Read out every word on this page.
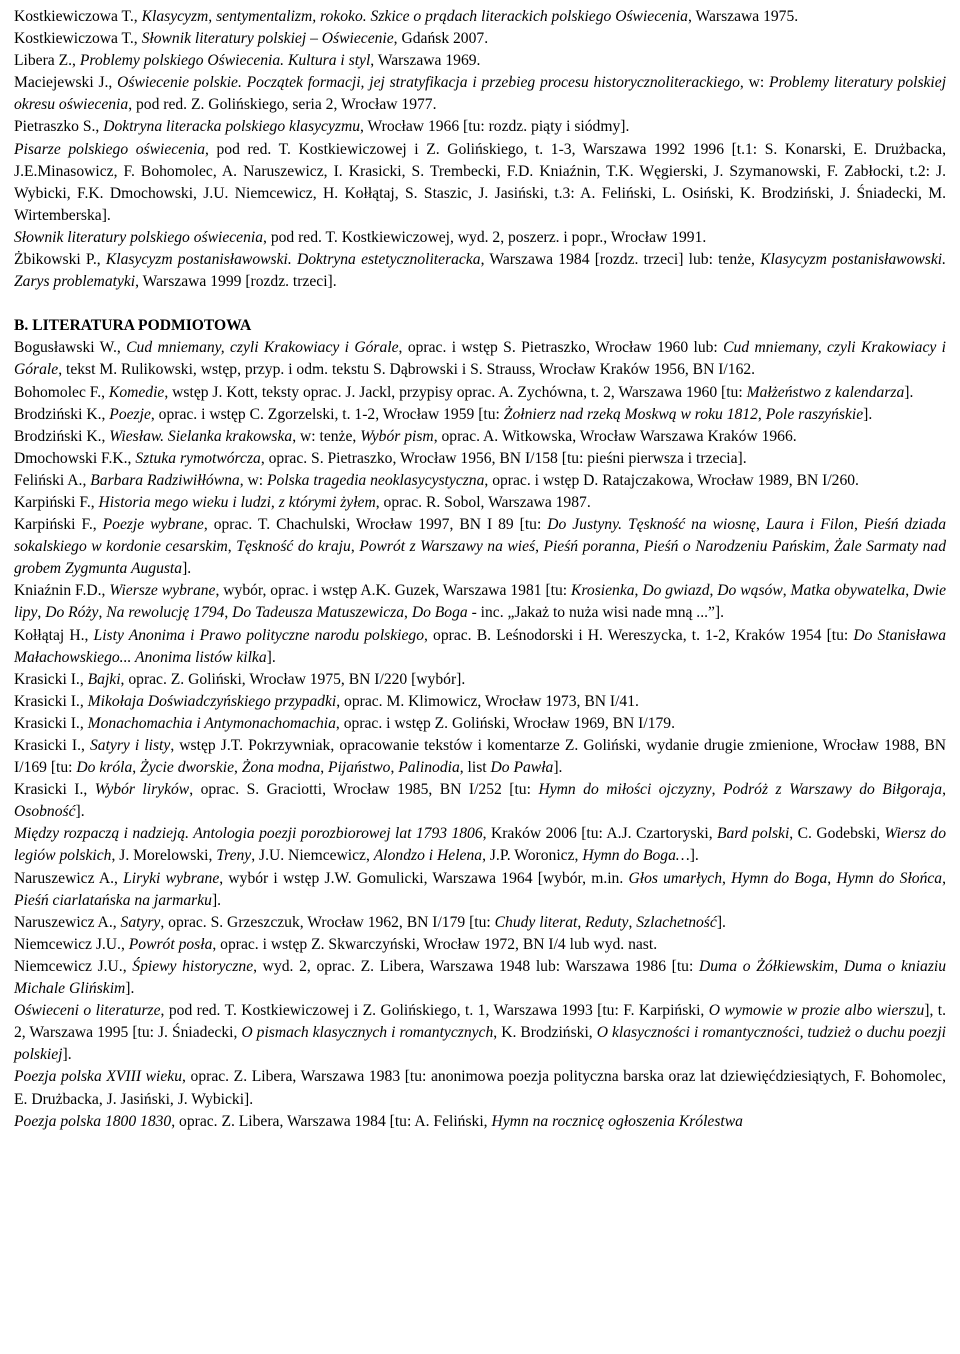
Kostkiewiczowa T., Klasycyzm, sentymentalizm, rokoko. Szkice o prądach literackich polskiego Oświecenia, Warszawa 1975.

Kostkiewiczowa T., Słownik literatury polskiej – Oświecenie, Gdańsk 2007.

Libera Z., Problemy polskiego Oświecenia. Kultura i styl, Warszawa 1969.

Maciejewski J., Oświecenie polskie. Początek formacji, jej stratyfikacja i przebieg procesu historycznoliterackiego, w: Problemy literatury polskiej okresu oświecenia, pod red. Z. Golińskiego, seria 2, Wrocław 1977.

Pietraszko S., Doktryna literacka polskiego klasycyzmu, Wrocław 1966 [tu: rozdz. piąty i siódmy].

Pisarze polskiego oświecenia, pod red. T. Kostkiewiczowej i Z. Golińskiego, t. 1-3, Warszawa 1992 1996 [t.1: S. Konarski, E. Drużbacka, J.E.Minasowicz, F. Bohomolec, A. Naruszewicz, I. Krasicki, S. Trembecki, F.D. Kniaźnin, T.K. Węgierski, J. Szymanowski, F. Zabłocki, t.2: J. Wybicki, F.K. Dmochowski, J.U. Niemcewicz, H. Kołłątaj, S. Staszic, J. Jasiński, t.3: A. Feliński, L. Osiński, K. Brodziński, J. Śniadecki, M. Wirtemberska].

Słownik literatury polskiego oświecenia, pod red. T. Kostkiewiczowej, wyd. 2, poszerz. i popr., Wrocław 1991.

Żbikowski P., Klasycyzm postanisławowski. Doktryna estetycznoliteracka, Warszawa 1984 [rozdz. trzeci] lub: tenże, Klasycyzm postanisławowski. Zarys problematyki, Warszawa 1999 [rozdz. trzeci].

B. LITERATURA PODMIOTOWA

Bogusławski W., Cud mniemany, czyli Krakowiacy i Górale, oprac. i wstęp S. Pietraszko, Wrocław 1960 lub: Cud mniemany, czyli Krakowiacy i Górale, tekst M. Rulikowski, wstęp, przyp. i odm. tekstu S. Dąbrowski i S. Strauss, Wrocław Kraków 1956, BN I/162.

Bohomolec F., Komedie, wstęp J. Kott, teksty oprac. J. Jackl, przypisy oprac. A. Zychówna, t. 2, Warszawa 1960 [tu: Małżeństwo z kalendarza].

Brodziński K., Poezje, oprac. i wstęp C. Zgorzelski, t. 1-2, Wrocław 1959 [tu: Żołnierz nad rzeką Moskwą w roku 1812, Pole raszyńskie].

Brodziński K., Wiesław. Sielanka krakowska, w: tenże, Wybór pism, oprac. A. Witkowska, Wrocław Warszawa Kraków 1966.

Dmochowski F.K., Sztuka rymotwórcza, oprac. S. Pietraszko, Wrocław 1956, BN I/158 [tu: pieśni pierwsza i trzecia].

Feliński A., Barbara Radziwiłłówna, w: Polska tragedia neoklasycystyczna, oprac. i wstęp D. Ratajczakowa, Wrocław 1989, BN I/260.

Karpiński F., Historia mego wieku i ludzi, z którymi żyłem, oprac. R. Sobol, Warszawa 1987.

Karpiński F., Poezje wybrane, oprac. T. Chachulski, Wrocław 1997, BN I 89 [tu: Do Justyny. Tęskność na wiosnę, Laura i Filon, Pieśń dziada sokalskiego w kordonie cesarskim, Tęskność do kraju, Powrót z Warszawy na wieś, Pieśń poranna, Pieśń o Narodzeniu Pańskim, Żale Sarmaty nad grobem Zygmunta Augusta].

Kniaźnin F.D., Wiersze wybrane, wybór, oprac. i wstęp A.K. Guzek, Warszawa 1981 [tu: Krosienka, Do gwiazd, Do wąsów, Matka obywatelka, Dwie lipy, Do Róży, Na rewolucję 1794, Do Tadeusza Matuszewicza, Do Boga - inc. „Jakaż to nuża wisi nade mną ...”].

Kołłątaj H., Listy Anonima i Prawo polityczne narodu polskiego, oprac. B. Leśnodorski i H. Wereszycka, t. 1-2, Kraków 1954 [tu: Do Stanisława Małachowskiego... Anonima listów kilka].

Krasicki I., Bajki, oprac. Z. Goliński, Wrocław 1975, BN I/220 [wybór].

Krasicki I., Mikołaja Doświadczyńskiego przypadki, oprac. M. Klimowicz, Wrocław 1973, BN I/41.

Krasicki I., Monachomachia i Antymonachomachia, oprac. i wstęp Z. Goliński, Wrocław 1969, BN I/179.

Krasicki I., Satyry i listy, wstęp J.T. Pokrzywniak, opracowanie tekstów i komentarze Z. Goliński, wydanie drugie zmienione, Wrocław 1988, BN I/169 [tu: Do króla, Życie dworskie, Żona modna, Pijaństwo, Palinodia, list Do Pawła].

Krasicki I., Wybór liryków, oprac. S. Graciotti, Wrocław 1985, BN I/252 [tu: Hymn do miłości ojczyzny, Podróż z Warszawy do Biłgoraja, Osobność].

Między rozpaczą i nadzieją. Antologia poezji porozbiorowej lat 1793 1806, Kraków 2006 [tu: A.J. Czartoryski, Bard polski, C. Godebski, Wiersz do legiów polskich, J. Morelowski, Treny, J.U. Niemcewicz, Alondzo i Helena, J.P. Woronicz, Hymn do Boga…].

Naruszewicz A., Liryki wybrane, wybór i wstęp J.W. Gomulicki, Warszawa 1964 [wybór, m.in. Głos umarłych, Hymn do Boga, Hymn do Słońca, Pieśń ciarlatańska na jarmarku].

Naruszewicz A., Satyry, oprac. S. Grzeszczuk, Wrocław 1962, BN I/179 [tu: Chudy literat, Reduty, Szlachetność].

Niemcewicz J.U., Powrót posła, oprac. i wstęp Z. Skwarczyński, Wrocław 1972, BN I/4 lub wyd. nast.

Niemcewicz J.U., Śpiewy historyczne, wyd. 2, oprac. Z. Libera, Warszawa 1948 lub: Warszawa 1986 [tu: Duma o Żółkiewskim, Duma o kniaziu Michale Glińskim].

Oświeceni o literaturze, pod red. T. Kostkiewiczowej i Z. Golińskiego, t. 1, Warszawa 1993 [tu: F. Karpiński, O wymowie w prozie albo wierszu], t. 2, Warszawa 1995 [tu: J. Śniadecki, O pismach klasycznych i romantycznych, K. Brodziński, O klasyczności i romantyczności, tudzież o duchu poezji polskiej].

Poezja polska XVIII wieku, oprac. Z. Libera, Warszawa 1983 [tu: anonimowa poezja polityczna barska oraz lat dziewięćdziesiątych, F. Bohomolec, E. Drużbacka, J. Jasiński, J. Wybicki].

Poezja polska 1800 1830, oprac. Z. Libera, Warszawa 1984 [tu: A. Feliński, Hymn na rocznicę ogłoszenia Królestwa
